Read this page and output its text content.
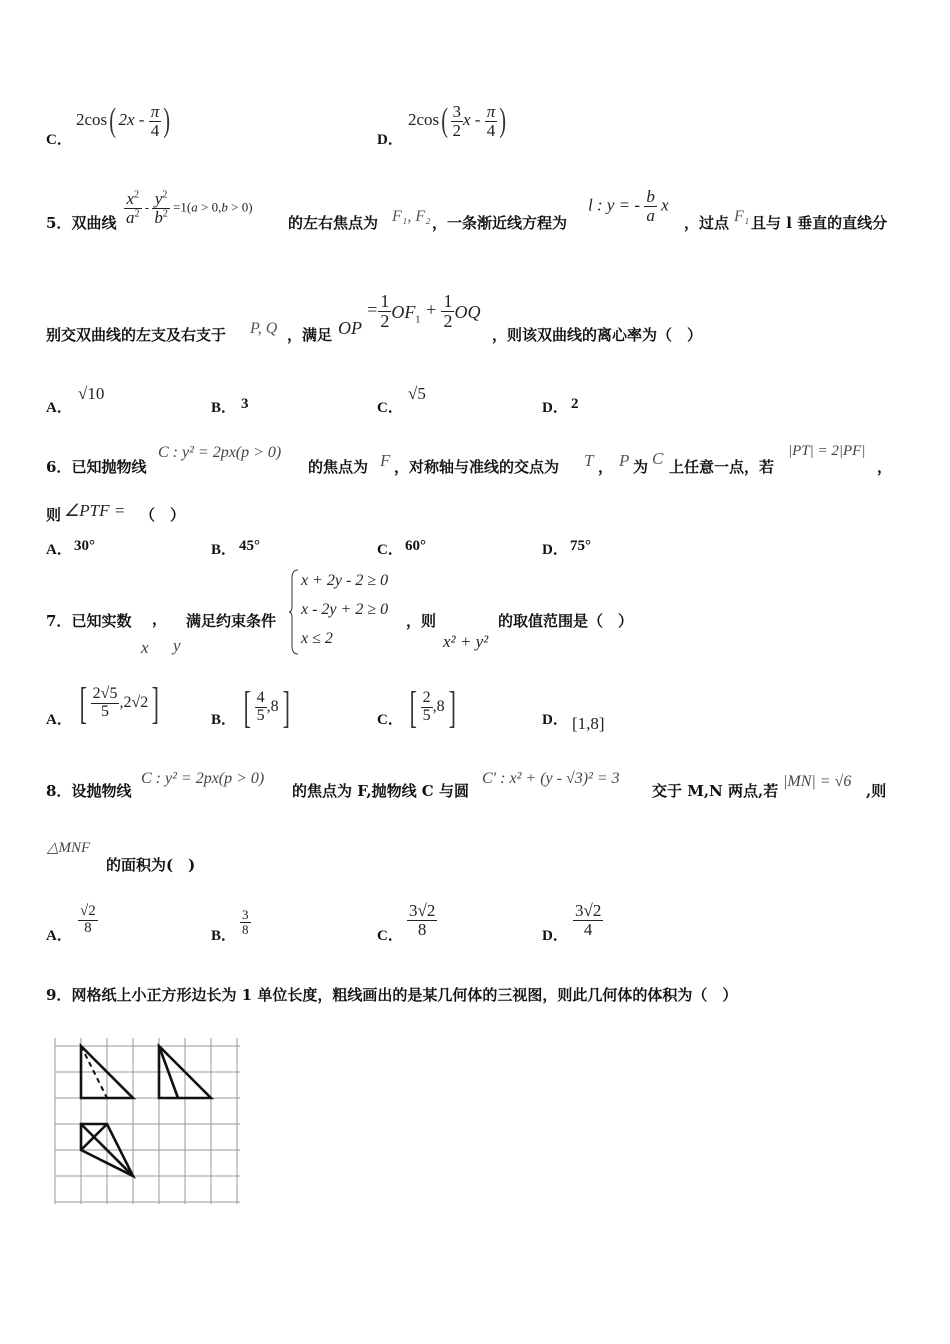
C．
2cos( $2x - \frac{\pi}{4}$ )
D．
$2\cos( \frac{3}{2}$ x - $\frac{\pi}{4}$ )
5．双曲线 $\frac{x^2}{a^2} - \frac{y^2}{b^2} =1(a > 0,b > 0)$
的左右焦点为 F₁, F₂ ，一条渐近线方程为
l : y = - $\frac{b}{a}$ x
，过点 F₁ 且与 l 垂直的直线分
别交双曲线的左支及右支于 P, Q ，满足 OP = $\frac{1}{2} OF_1 + \frac{1}{2}$ OQ
，则该双曲线的离心率为（　）
A．
√10
B． 3	C．
√5
D． 2
6．已知抛物线
C : y² = 2px(p > 0)
的焦点为 F ，对称轴与准线的交点为 T ， P 为 C 上任意一点，若
|PT| = 2|PF|
，
则 ∠PTF = （　）
A． 30°	B． 45°	C． 60°	D． 75°
7．已知实数 ， 满足约束条件
x y
x + 2y - 2 ≥ 0
x - 2y + 2 ≥ 0
x ≤ 2
，则
x² + y²
的取值范围是（　）
A． [ $\frac{2√5}{5} ,2√2$]	B． [ $\frac{4}{5} ,8$]	C． [ $\frac{2}{5} ,8$]	D． [1,8]
8．设抛物线
C : y² = 2px(p > 0)
的焦点为 F,抛物线 C 与圆
C′ : x² + (y - √3)² = 3
交于 M,N 两点,若
|MN| = √6
,则
△MNF
的面积为(　)
A． $\frac{√2}{8}$	B． $\frac{3}{8}$	C． $\frac{3√2}{8}$	D． $\frac{3√2}{4}$
9．网格纸上小正方形边长为 1 单位长度，粗线画出的是某几何体的三视图，则此几何体的体积为（　）
